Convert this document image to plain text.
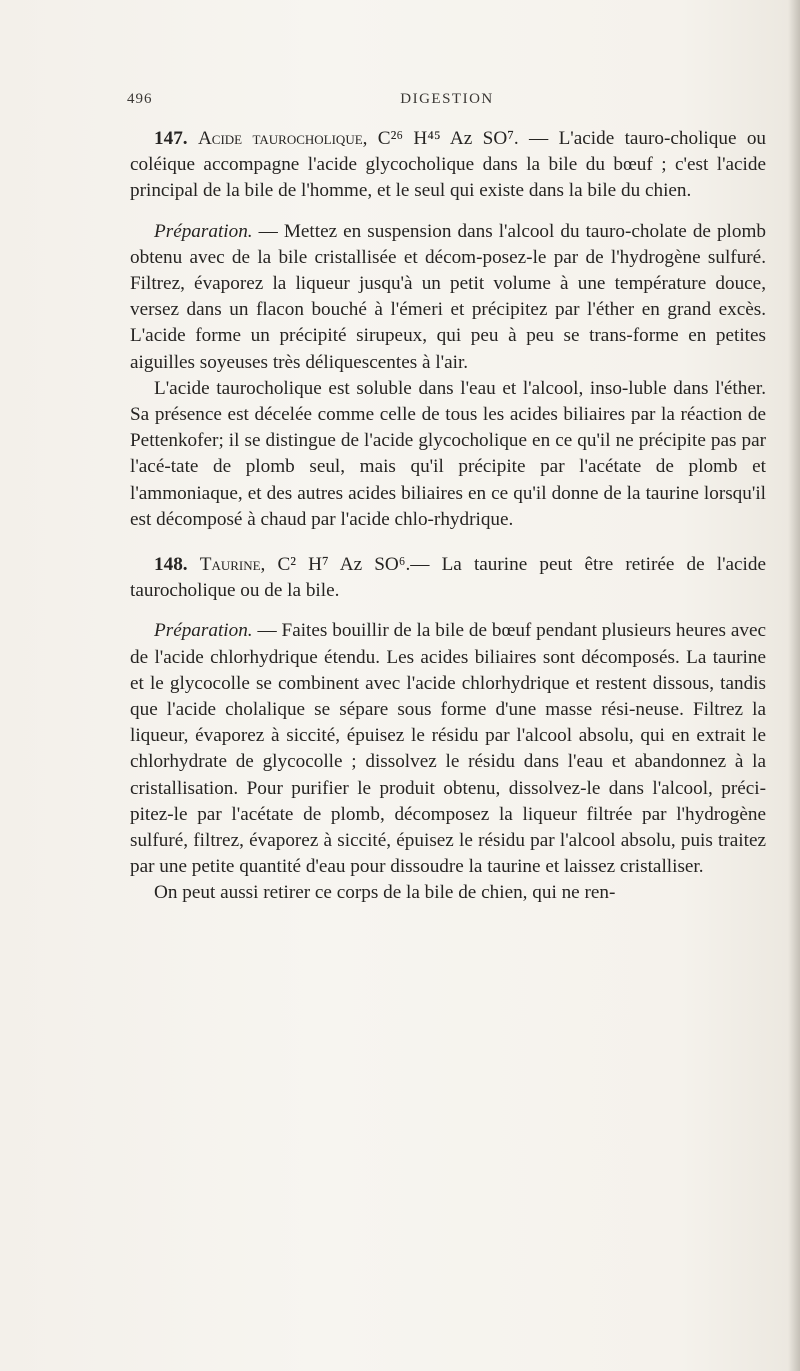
496	DIGESTION

147. Acide taurocholique, C²⁶ H⁴⁵ Az SO⁷. — L'acide tauro-cholique ou coléique accompagne l'acide glycocholique dans la bile du bœuf ; c'est l'acide principal de la bile de l'homme, et le seul qui existe dans la bile du chien.

Préparation. — Mettez en suspension dans l'alcool du tauro-cholate de plomb obtenu avec de la bile cristallisée et décom-posez-le par de l'hydrogène sulfuré. Filtrez, évaporez la liqueur jusqu'à un petit volume à une température douce, versez dans un flacon bouché à l'émeri et précipitez par l'éther en grand excès. L'acide forme un précipité sirupeux, qui peu à peu se trans-forme en petites aiguilles soyeuses très déliquescentes à l'air.

L'acide taurocholique est soluble dans l'eau et l'alcool, inso-luble dans l'éther. Sa présence est décelée comme celle de tous les acides biliaires par la réaction de Pettenkofer; il se distingue de l'acide glycocholique en ce qu'il ne précipite pas par l'acé-tate de plomb seul, mais qu'il précipite par l'acétate de plomb et l'ammoniaque, et des autres acides biliaires en ce qu'il donne de la taurine lorsqu'il est décomposé à chaud par l'acide chlo-rhydrique.

148. Taurine, C² H⁷ Az SO⁶.— La taurine peut être retirée de l'acide taurocholique ou de la bile.

Préparation. — Faites bouillir de la bile de bœuf pendant plusieurs heures avec de l'acide chlorhydrique étendu. Les acides biliaires sont décomposés. La taurine et le glycocolle se combinent avec l'acide chlorhydrique et restent dissous, tandis que l'acide cholalique se sépare sous forme d'une masse rési-neuse. Filtrez la liqueur, évaporez à siccité, épuisez le résidu par l'alcool absolu, qui en extrait le chlorhydrate de glycocolle ; dissolvez le résidu dans l'eau et abandonnez à la cristallisation. Pour purifier le produit obtenu, dissolvez-le dans l'alcool, préci-pitez-le par l'acétate de plomb, décomposez la liqueur filtrée par l'hydrogène sulfuré, filtrez, évaporez à siccité, épuisez le résidu par l'alcool absolu, puis traitez par une petite quantité d'eau pour dissoudre la taurine et laissez cristalliser.

On peut aussi retirer ce corps de la bile de chien, qui ne ren-
